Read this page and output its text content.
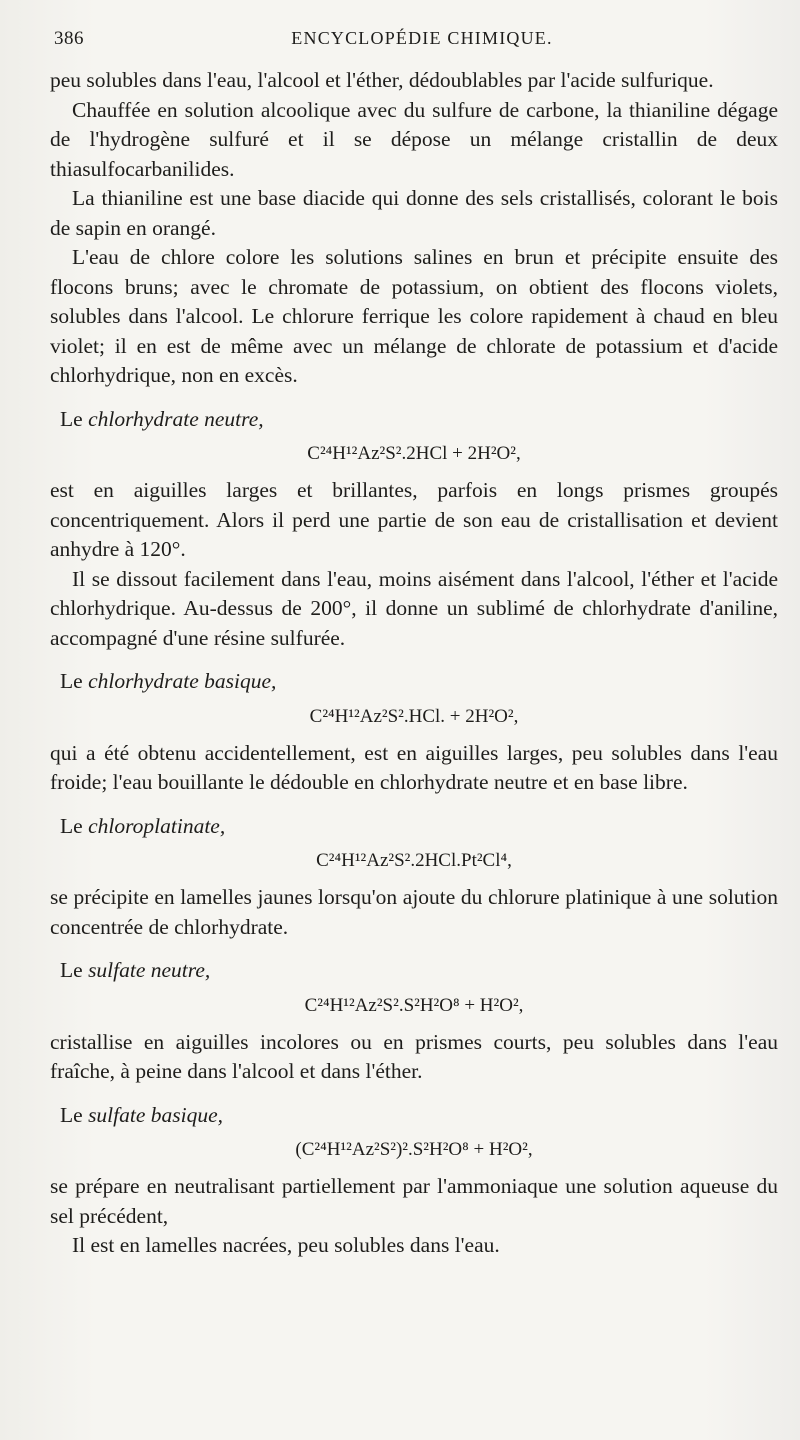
386	ENCYCLOPÉDIE CHIMIQUE.

peu solubles dans l'eau, l'alcool et l'éther, dédoublables par l'acide sulfurique.

Chauffée en solution alcoolique avec du sulfure de carbone, la thianiline dégage de l'hydrogène sulfuré et il se dépose un mélange cristallin de deux thiasulfocarbanilides.

La thianiline est une base diacide qui donne des sels cristallisés, colorant le bois de sapin en orangé.

L'eau de chlore colore les solutions salines en brun et précipite ensuite des flocons bruns; avec le chromate de potassium, on obtient des flocons violets, solubles dans l'alcool. Le chlorure ferrique les colore rapidement à chaud en bleu violet; il en est de même avec un mélange de chlorate de potassium et d'acide chlorhydrique, non en excès.

Le chlorhydrate neutre,

C²⁴H¹²Az²S².2HCl + 2H²O²,

est en aiguilles larges et brillantes, parfois en longs prismes groupés concentriquement. Alors il perd une partie de son eau de cristallisation et devient anhydre à 120°.

Il se dissout facilement dans l'eau, moins aisément dans l'alcool, l'éther et l'acide chlorhydrique. Au-dessus de 200°, il donne un sublimé de chlorhydrate d'aniline, accompagné d'une résine sulfurée.

Le chlorhydrate basique,

C²⁴H¹²Az²S².HCl. + 2H²O²,

qui a été obtenu accidentellement, est en aiguilles larges, peu solubles dans l'eau froide; l'eau bouillante le dédouble en chlorhydrate neutre et en base libre.

Le chloroplatinate,

C²⁴H¹²Az²S².2HCl.Pt²Cl⁴,

se précipite en lamelles jaunes lorsqu'on ajoute du chlorure platinique à une solution concentrée de chlorhydrate.

Le sulfate neutre,

C²⁴H¹²Az²S².S²H²O⁸ + H²O²,

cristallise en aiguilles incolores ou en prismes courts, peu solubles dans l'eau fraîche, à peine dans l'alcool et dans l'éther.

Le sulfate basique,

(C²⁴H¹²Az²S²)².S²H²O⁸ + H²O²,

se prépare en neutralisant partiellement par l'ammoniaque une solution aqueuse du sel précédent,

Il est en lamelles nacrées, peu solubles dans l'eau.
